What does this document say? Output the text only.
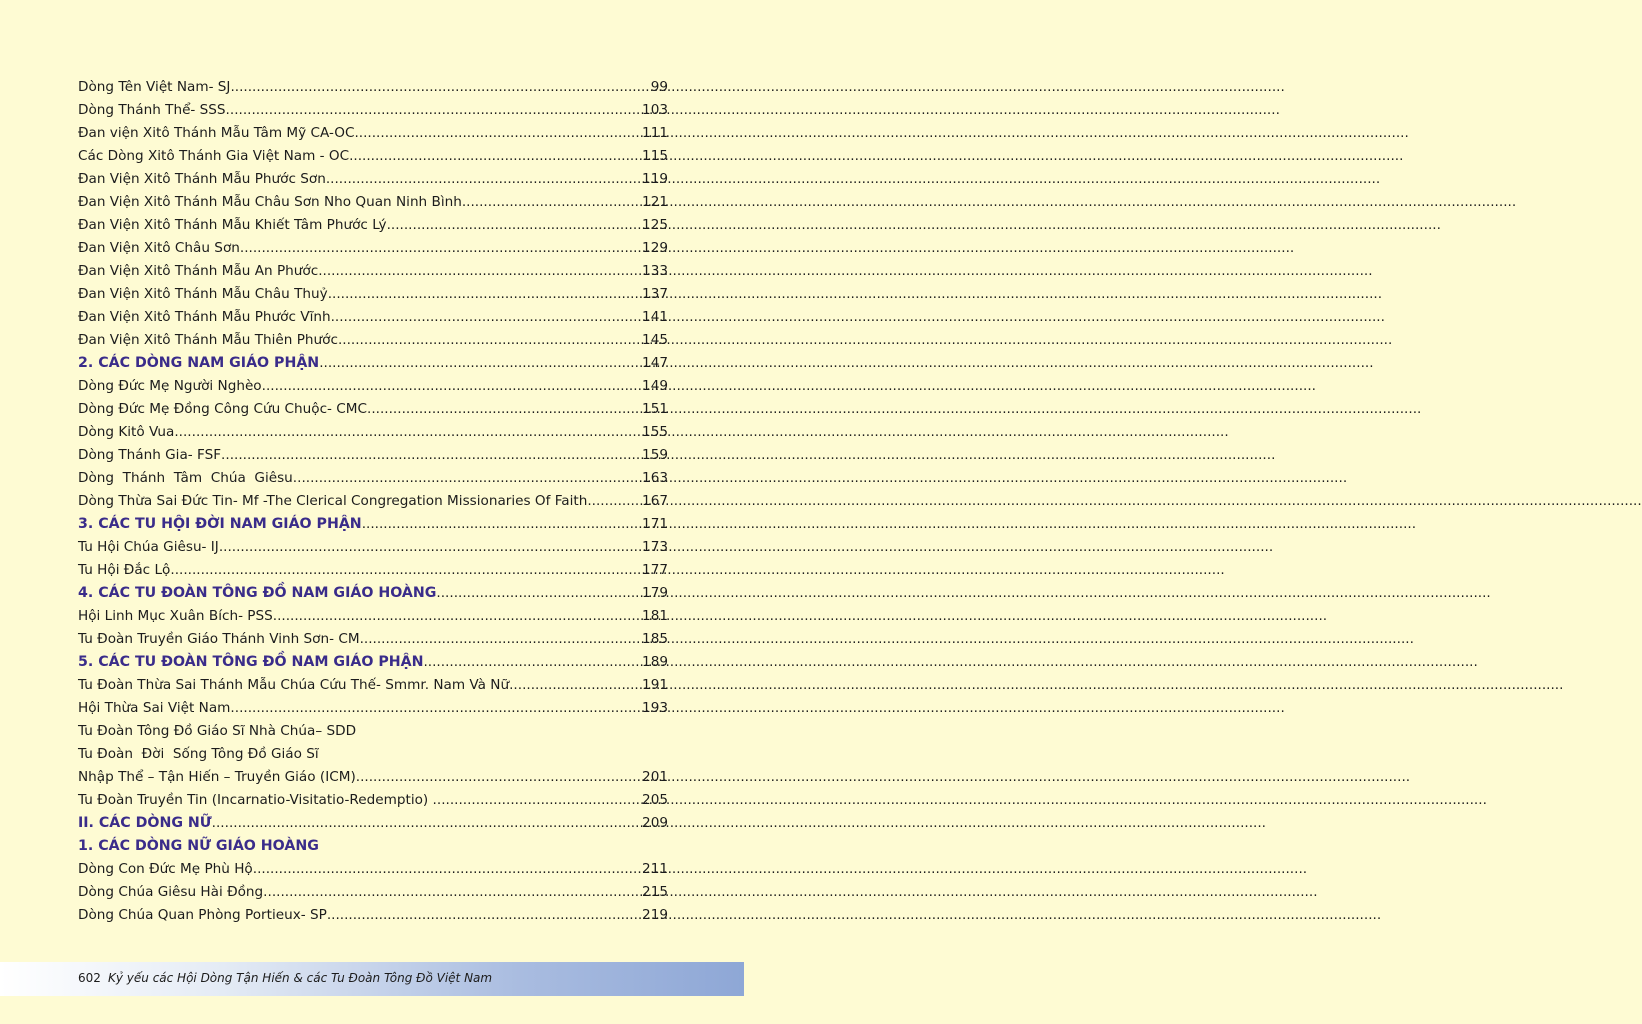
Dòng Tên Việt Nam- SJ .....	99
Dòng Thánh Thể- SSS .....	103
Đan viện Xitô Thánh Mẫu Tâm Mỹ CA-OC .....	111
Các Dòng Xitô Thánh Gia Việt Nam - OC .....	115
Đan Viện Xitô Thánh Mẫu Phước Sơn .....	119
Đan Viện Xitô Thánh Mẫu Châu Sơn Nho Quan Ninh Bình .....	121
Đan Viện Xitô Thánh Mẫu Khiết Tâm Phước Lý .....	125
Đan Viện Xitô Châu Sơn .....	129
Đan Viện Xitô Thánh Mẫu An Phước .....	133
Đan Viện Xitô Thánh Mẫu Châu Thuỷ .....	137
Đan Viện Xitô Thánh Mẫu Phước Vĩnh .....	141
Đan Viện Xitô Thánh Mẫu Thiên Phước .....	145
2. CÁC DÒNG NAM GIÁO PHẬN .....	147
Dòng Đức Mẹ Người Nghèo .....	149
Dòng Đức Mẹ Đồng Công Cứu Chuộc- CMC .....	151
Dòng Kitô Vua .....	155
Dòng Thánh Gia- FSF .....	159
Dòng  Thánh  Tâm  Chúa  Giêsu .....	163
Dòng Thừa Sai Đức Tin- Mf -The Clerical Congregation Missionaries Of Faith .....	167
3. CÁC TU HỘI ĐỜI NAM GIÁO PHẬN .....	171
Tu Hội Chúa Giêsu- IJ .....	173
Tu Hội Đắc Lộ .....	177
4. CÁC TU ĐOÀN TÔNG ĐỒ NAM GIÁO HOÀNG .....	179
Hội Linh Mục Xuân Bích- PSS .....	181
Tu Đoàn Truyền Giáo Thánh Vinh Sơn- CM .....	185
5. CÁC TU ĐOÀN TÔNG ĐỒ NAM GIÁO PHẬN .....	189
Tu Đoàn Thừa Sai Thánh Mẫu Chúa Cứu Thế- Smmr. Nam Và Nữ .....	191
Hội Thừa Sai Việt Nam .....	193
Tu Đoàn Tông Đồ Giáo Sĩ Nhà Chúa– SDD
Tu Đoàn  Đời  Sống Tông Đồ Giáo Sĩ
Nhập Thể – Tận Hiến – Truyền Giáo (ICM) .....	201
Tu Đoàn Truyền Tin (Incarnatio-Visitatio-Redemptio) .....	205
II. CÁC DÒNG NỮ .....	209
1. CÁC DÒNG NỮ GIÁO HOÀNG
Dòng Con Đức Mẹ Phù Hộ .....	211
Dòng Chúa Giêsu Hài Đồng .....	215
Dòng Chúa Quan Phòng Portieux- SP .....	219
602 Kỷ yếu các Hội Dòng Tận Hiến & các Tu Đoàn Tông Đồ Việt Nam
